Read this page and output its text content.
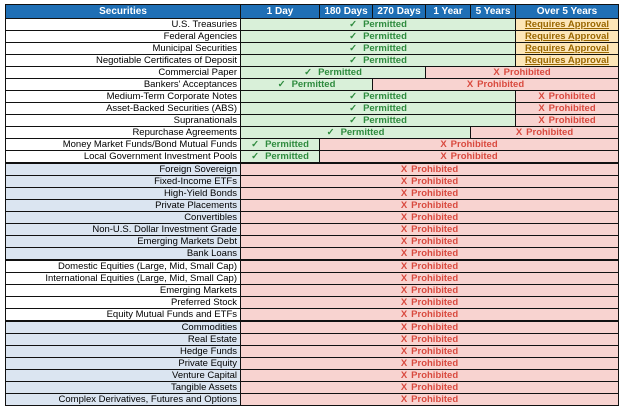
Securities	1 Day	180 Days	270 Days	1 Year	5 Years	Over 5 Years
U.S. Treasuries	✓ Permitted					Requires Approval
Federal Agencies	✓ Permitted					Requires Approval
Municipal Securities	✓ Permitted					Requires Approval
Negotiable Certificates of Deposit	✓ Permitted					Requires Approval
Commercial Paper	✓ Permitted			X Prohibited		
Bankers' Acceptances	✓ Permitted		X Prohibited			
Medium-Term Corporate Notes	✓ Permitted					X Prohibited
Asset-Backed Securities (ABS)	✓ Permitted					X Prohibited
Supranationals	✓ Permitted					X Prohibited
Repurchase Agreements	✓ Permitted				X Prohibited	
Money Market Funds/Bond Mutual Funds	✓ Permitted	X Prohibited				
Local Government Investment Pools	✓ Permitted	X Prohibited				
Foreign Sovereign	X Prohibited					
Fixed-Income ETFs	X Prohibited					
High-Yield Bonds	X Prohibited					
Private Placements	X Prohibited					
Convertibles	X Prohibited					
Non-U.S. Dollar Investment Grade	X Prohibited					
Emerging Markets Debt	X Prohibited					
Bank Loans	X Prohibited					
Domestic Equities (Large, Mid, Small Cap)	X Prohibited					
International Equities (Large, Mid, Small Cap)	X Prohibited					
Emerging Markets	X Prohibited					
Preferred Stock	X Prohibited					
Equity Mutual Funds and ETFs	X Prohibited					
Commodities	X Prohibited					
Real Estate	X Prohibited					
Hedge Funds	X Prohibited					
Private Equity	X Prohibited					
Venture Capital	X Prohibited					
Tangible Assets	X Prohibited					
Complex Derivatives, Futures and Options	X Prohibited					
